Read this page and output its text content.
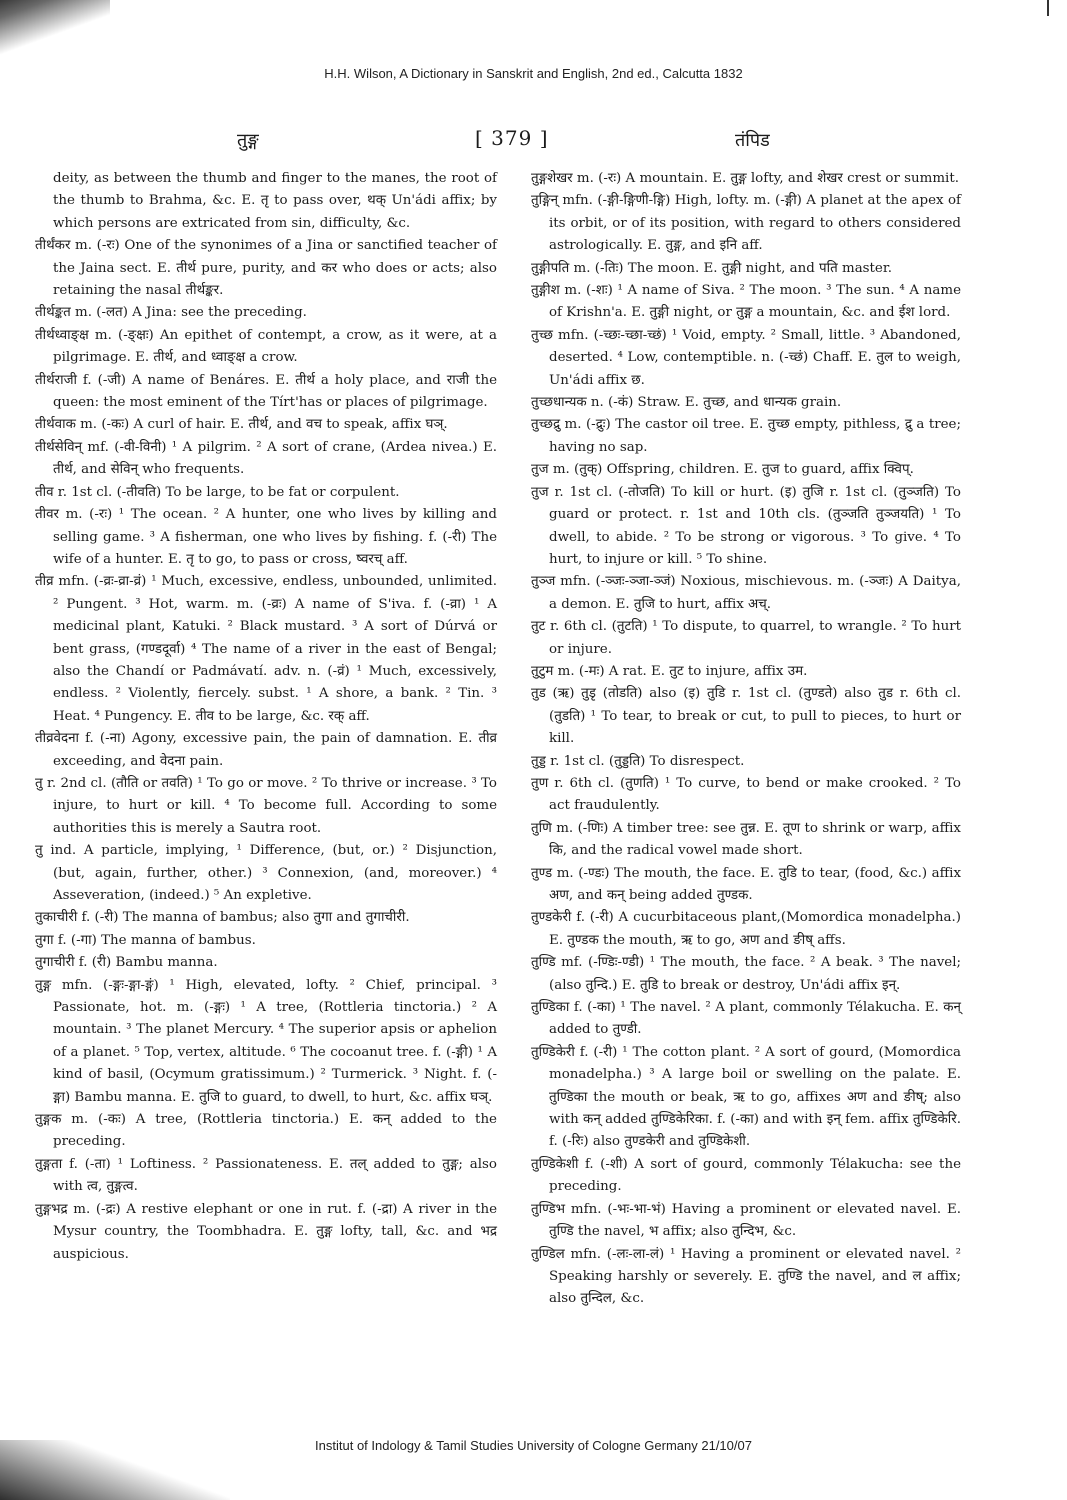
H.H. Wilson, A Dictionary in Sanskrit and English, 2nd ed., Calcutta 1832
तुङ्ग	[ 379 ]	तंपिड

deity, as between the thumb and finger to the manes, the root of the thumb to Brahma, &c. E. तृ to pass over, थक् Un'ádi affix; by which persons are extricated from sin, difficulty, &c.

तीर्थंकर m. (-रः) One of the synonimes of a Jina or sanctified teacher of the Jaina sect. E. तीर्थ pure, purity, and कर who does or acts; also retaining the nasal तीर्थङ्कर.

तीर्थङ्कत m. (-लत) A Jina: see the preceding.

तीर्थध्वाङ्क्ष m. (-ङ्क्षः) An epithet of contempt, a crow, as it were, at a pilgrimage. E. तीर्थ, and ध्वाङ्क्ष a crow.

तीर्थराजी f. (-जी) A name of Benáres. E. तीर्थ a holy place, and राजी the queen: the most eminent of the Tírt'has or places of pilgrimage.

तीर्थवाक m. (-कः) A curl of hair. E. तीर्थ, and वच to speak, affix घञ्.

तीर्थसेविन् mf. (-वी-विनी) ¹ A pilgrim. ² A sort of crane, (Ardea nivea.) E. तीर्थ, and सेविन् who frequents.

तीव r. 1st cl. (-तीवति) To be large, to be fat or corpulent.

तीवर m. (-रः) ¹ The ocean. ² A hunter, one who lives by killing and selling game. ³ A fisherman, one who lives by fishing. f. (-री) The wife of a hunter. E. तृ to go, to pass or cross, ष्वरच् aff.

तीव्र mfn. (-व्रः-व्रा-व्रं) ¹ Much, excessive, endless, unbounded, unlimited. ² Pungent. ³ Hot, warm. m. (-व्रः) A name of S'iva. f. (-व्रा) ¹ A medicinal plant, Katuki. ² Black mustard. ³ A sort of Dúrvá or bent grass, (गण्डदूर्वा) ⁴ The name of a river in the east of Bengal; also the Chandí or Padmávatí. adv. n. (-व्रं) ¹ Much, excessively, endless. ² Violently, fiercely. subst. ¹ A shore, a bank. ² Tin. ³ Heat. ⁴ Pungency. E. तीव to be large, &c. रक् aff.

तीव्रवेदना f. (-ना) Agony, excessive pain, the pain of damnation. E. तीव्र exceeding, and वेदना pain.

तु r. 2nd cl. (तौति or तवति) ¹ To go or move. ² To thrive or increase. ³ To injure, to hurt or kill. ⁴ To become full. According to some authorities this is merely a Sautra root.

तु ind. A particle, implying, ¹ Difference, (but, or.) ² Disjunction, (but, again, further, other.) ³ Connexion, (and, moreover.) ⁴ Asseveration, (indeed.) ⁵ An expletive.

तुकाचीरी f. (-री) The manna of bambus; also तुगा and तुगाचीरी.

तुगा f. (-गा) The manna of bambus.

तुगाचीरी f. (री) Bambu manna.

तुङ्ग mfn. (-ङ्गः-ङ्गा-ङ्गं) ¹ High, elevated, lofty. ² Chief, principal. ³ Passionate, hot. m. (-ङ्गः) ¹ A tree, (Rottleria tinctoria.) ² A mountain. ³ The planet Mercury. ⁴ The superior apsis or aphelion of a planet. ⁵ Top, vertex, altitude. ⁶ The cocoanut tree. f. (-ङ्गी) ¹ A kind of basil, (Ocymum gratissimum.) ² Turmerick. ³ Night. f. (-ङ्गा) Bambu manna. E. तुजि to guard, to dwell, to hurt, &c. affix घञ्.

तुङ्गक m. (-कः) A tree, (Rottleria tinctoria.) E. कन् added to the preceding.

तुङ्गता f. (-ता) ¹ Loftiness. ² Passionateness. E. तल् added to तुङ्ग; also with त्व, तुङ्गत्व.

तुङ्गभद्र m. (-द्रः) A restive elephant or one in rut. f. (-द्रा) A river in the Mysur country, the Toombhadra. E. तुङ्ग lofty, tall, &c. and भद्र auspicious.

तुङ्गशेखर m. (-रः) A mountain. E. तुङ्ग lofty, and शेखर crest or summit.

तुङ्गिन् mfn. (-ङ्गी-ङ्गिणी-ङ्गि) High, lofty. m. (-ङ्गी) A planet at the apex of its orbit, or of its position, with regard to others considered astrologically. E. तुङ्ग, and इनि aff.

तुङ्गीपति m. (-तिः) The moon. E. तुङ्गी night, and पति master.

तुङ्गीश m. (-शः) ¹ A name of Siva. ² The moon. ³ The sun. ⁴ A name of Krishn'a. E. तुङ्गी night, or तुङ्ग a mountain, &c. and ईश lord.

तुच्छ mfn. (-च्छः-च्छा-च्छं) ¹ Void, empty. ² Small, little. ³ Abandoned, deserted. ⁴ Low, contemptible. n. (-च्छं) Chaff. E. तुल to weigh, Un'ádi affix छ.

तुच्छधान्यक n. (-कं) Straw. E. तुच्छ, and धान्यक grain.

तुच्छद्रु m. (-द्रुः) The castor oil tree. E. तुच्छ empty, pithless, द्रु a tree; having no sap.

तुज m. (तुक्) Offspring, children. E. तुज to guard, affix क्विप्.

तुज r. 1st cl. (-तोजति) To kill or hurt. (इ) तुजि r. 1st cl. (तुञ्जति) To guard or protect. r. 1st and 10th cls. (तुञ्जति तुञ्जयति) ¹ To dwell, to abide. ² To be strong or vigorous. ³ To give. ⁴ To hurt, to injure or kill. ⁵ To shine.

तुञ्ज mfn. (-ञ्जः-ञ्जा-ञ्जं) Noxious, mischievous. m. (-ञ्जः) A Daitya, a demon. E. तुजि to hurt, affix अच्.

तुट r. 6th cl. (तुटति) ¹ To dispute, to quarrel, to wrangle. ² To hurt or injure.

तुटुम m. (-मः) A rat. E. तुट to injure, affix उम.

तुड (ऋ) तुडृ (तोडति) also (इ) तुडि r. 1st cl. (तुण्डते) also तुड r. 6th cl. (तुडति) ¹ To tear, to break or cut, to pull to pieces, to hurt or kill.

तुड्ड r. 1st cl. (तुड्डति) To disrespect.

तुण r. 6th cl. (तुणति) ¹ To curve, to bend or make crooked. ² To act fraudulently.

तुणि m. (-णिः) A timber tree: see तुन्न. E. तूण to shrink or warp, affix कि, and the radical vowel made short.

तुण्ड m. (-ण्डः) The mouth, the face. E. तुडि to tear, (food, &c.) affix अण, and कन् being added तुण्डक.

तुण्डकेरी f. (-री) A cucurbitaceous plant,(Momordica monadelpha.) E. तुण्डक the mouth, ऋ to go, अण and ङीष् affs.

तुण्डि mf. (-ण्डिः-ण्डी) ¹ The mouth, the face. ² A beak. ³ The navel; (also तुन्दि.) E. तुडि to break or destroy, Un'ádi affix इन्.

तुण्डिका f. (-का) ¹ The navel. ² A plant, commonly Télakucha. E. कन् added to तुण्डी.

तुण्डिकेरी f. (-री) ¹ The cotton plant. ² A sort of gourd, (Momordica monadelpha.) ³ A large boil or swelling on the palate. E. तुण्डिका the mouth or beak, ऋ to go, affixes अण and ङीष्; also with कन् added तुण्डिकेरिका. f. (-का) and with इन् fem. affix तुण्डिकेरि. f. (-रिः) also तुण्डकेरी and तुण्डिकेशी.

तुण्डिकेशी f. (-शी) A sort of gourd, commonly Télakucha: see the preceding.

तुण्डिभ mfn. (-भः-भा-भं) Having a prominent or elevated navel. E. तुण्डि the navel, भ affix; also तुन्दिभ, &c.

तुण्डिल mfn. (-लः-ला-लं) ¹ Having a prominent or elevated navel. ² Speaking harshly or severely. E. तुण्डि the navel, and ल affix; also तुन्दिल, &c.

Institut of Indology & Tamil Studies University of Cologne Germany 21/10/07
